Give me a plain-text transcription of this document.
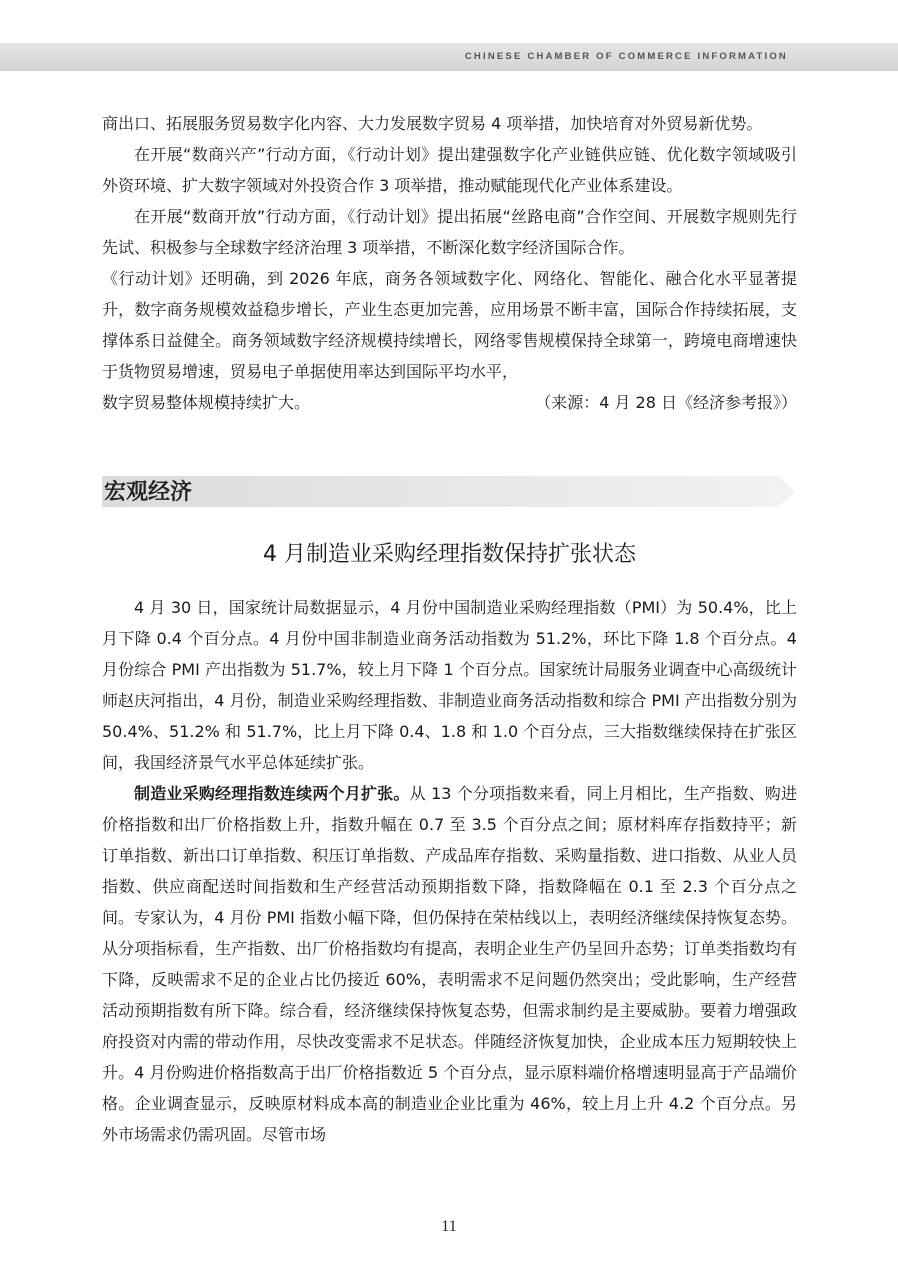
CHINESE CHAMBER OF COMMERCE INFORMATION

商出口、拓展服务贸易数字化内容、大力发展数字贸易 4 项举措，加快培育对外贸易新优势。

在开展“数商兴产”行动方面，《行动计划》提出建强数字化产业链供应链、优化数字领域吸引外资环境、扩大数字领域对外投资合作 3 项举措，推动赋能现代化产业体系建设。

在开展“数商开放”行动方面，《行动计划》提出拓展“丝路电商”合作空间、开展数字规则先行先试、积极参与全球数字经济治理 3 项举措，不断深化数字经济国际合作。

《行动计划》还明确，到 2026 年底，商务各领域数字化、网络化、智能化、融合化水平显著提升，数字商务规模效益稳步增长，产业生态更加完善，应用场景不断丰富，国际合作持续拓展，支撑体系日益健全。商务领域数字经济规模持续增长，网络零售规模保持全球第一，跨境电商增速快于货物贸易增速，贸易电子单据使用率达到国际平均水平，

数字贸易整体规模持续扩大。	（来源：4 月 28 日《经济参考报》）
宏观经济
4 月制造业采购经理指数保持扩张状态

4 月 30 日，国家统计局数据显示，4 月份中国制造业采购经理指数（PMI）为 50.4%，比上月下降 0.4 个百分点。4 月份中国非制造业商务活动指数为 51.2%，环比下降 1.8 个百分点。4 月份综合 PMI 产出指数为 51.7%，较上月下降 1 个百分点。国家统计局服务业调查中心高级统计师赵庆河指出，4 月份，制造业采购经理指数、非制造业商务活动指数和综合 PMI 产出指数分别为 50.4%、51.2% 和 51.7%，比上月下降 0.4、1.8 和 1.0 个百分点，三大指数继续保持在扩张区间，我国经济景气水平总体延续扩张。

制造业采购经理指数连续两个月扩张。从 13 个分项指数来看，同上月相比，生产指数、购进价格指数和出厂价格指数上升，指数升幅在 0.7 至 3.5 个百分点之间；原材料库存指数持平；新订单指数、新出口订单指数、积压订单指数、产成品库存指数、采购量指数、进口指数、从业人员指数、供应商配送时间指数和生产经营活动预期指数下降，指数降幅在 0.1 至 2.3 个百分点之间。专家认为，4 月份 PMI 指数小幅下降，但仍保持在荣枯线以上，表明经济继续保持恢复态势。从分项指标看，生产指数、出厂价格指数均有提高，表明企业生产仍呈回升态势；订单类指数均有下降，反映需求不足的企业占比仍接近 60%，表明需求不足问题仍然突出；受此影响，生产经营活动预期指数有所下降。综合看，经济继续保持恢复态势，但需求制约是主要威胁。要着力增强政府投资对内需的带动作用，尽快改变需求不足状态。伴随经济恢复加快，企业成本压力短期较快上升。4 月份购进价格指数高于出厂价格指数近 5 个百分点，显示原料端价格增速明显高于产品端价格。企业调查显示，反映原材料成本高的制造业企业比重为 46%，较上月上升 4.2 个百分点。另外市场需求仍需巩固。尽管市场

11
